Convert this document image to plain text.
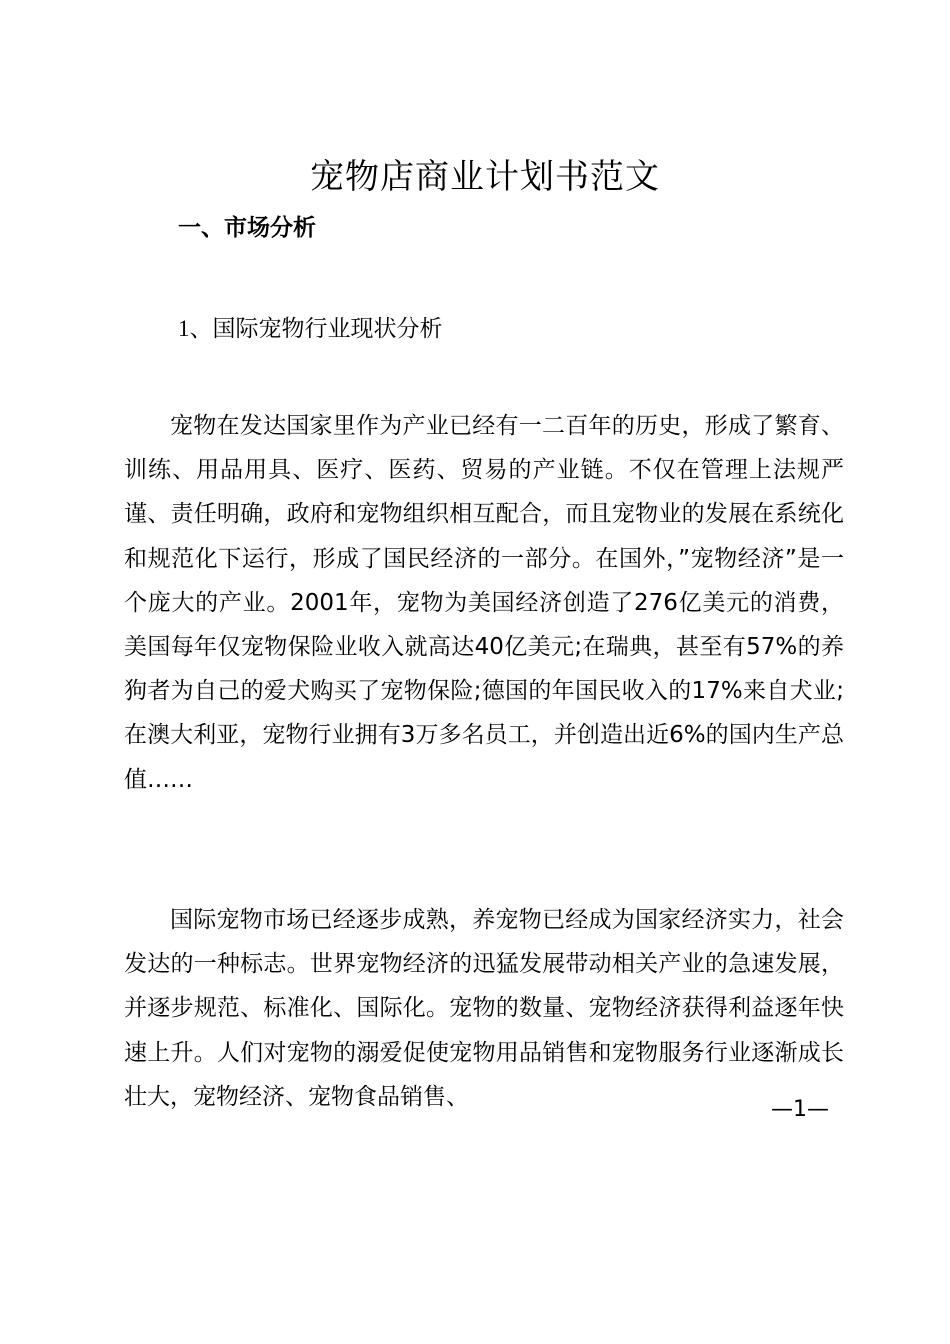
宠物店商业计划书范文
一、市场分析
1、国际宠物行业现状分析

宠物在发达国家里作为产业已经有一二百年的历史，形成了繁育、训练、用品用具、医疗、医药、贸易的产业链。不仅在管理上法规严谨、责任明确，政府和宠物组织相互配合，而且宠物业的发展在系统化和规范化下运行，形成了国民经济的一部分。在国外，”宠物经济”是一个庞大的产业。2001年，宠物为美国经济创造了276亿美元的消费，美国每年仅宠物保险业收入就高达40亿美元;在瑞典，甚至有57%的养狗者为自己的爱犬购买了宠物保险;德国的年国民收入的17%来自犬业;在澳大利亚，宠物行业拥有3万多名员工，并创造出近6%的国内生产总值……

国际宠物市场已经逐步成熟，养宠物已经成为国家经济实力，社会发达的一种标志。世界宠物经济的迅猛发展带动相关产业的急速发展，并逐步规范、标准化、国际化。宠物的数量、宠物经济获得利益逐年快速上升。人们对宠物的溺爱促使宠物用品销售和宠物服务行业逐渐成长壮大，宠物经济、宠物食品销售、	—1—
